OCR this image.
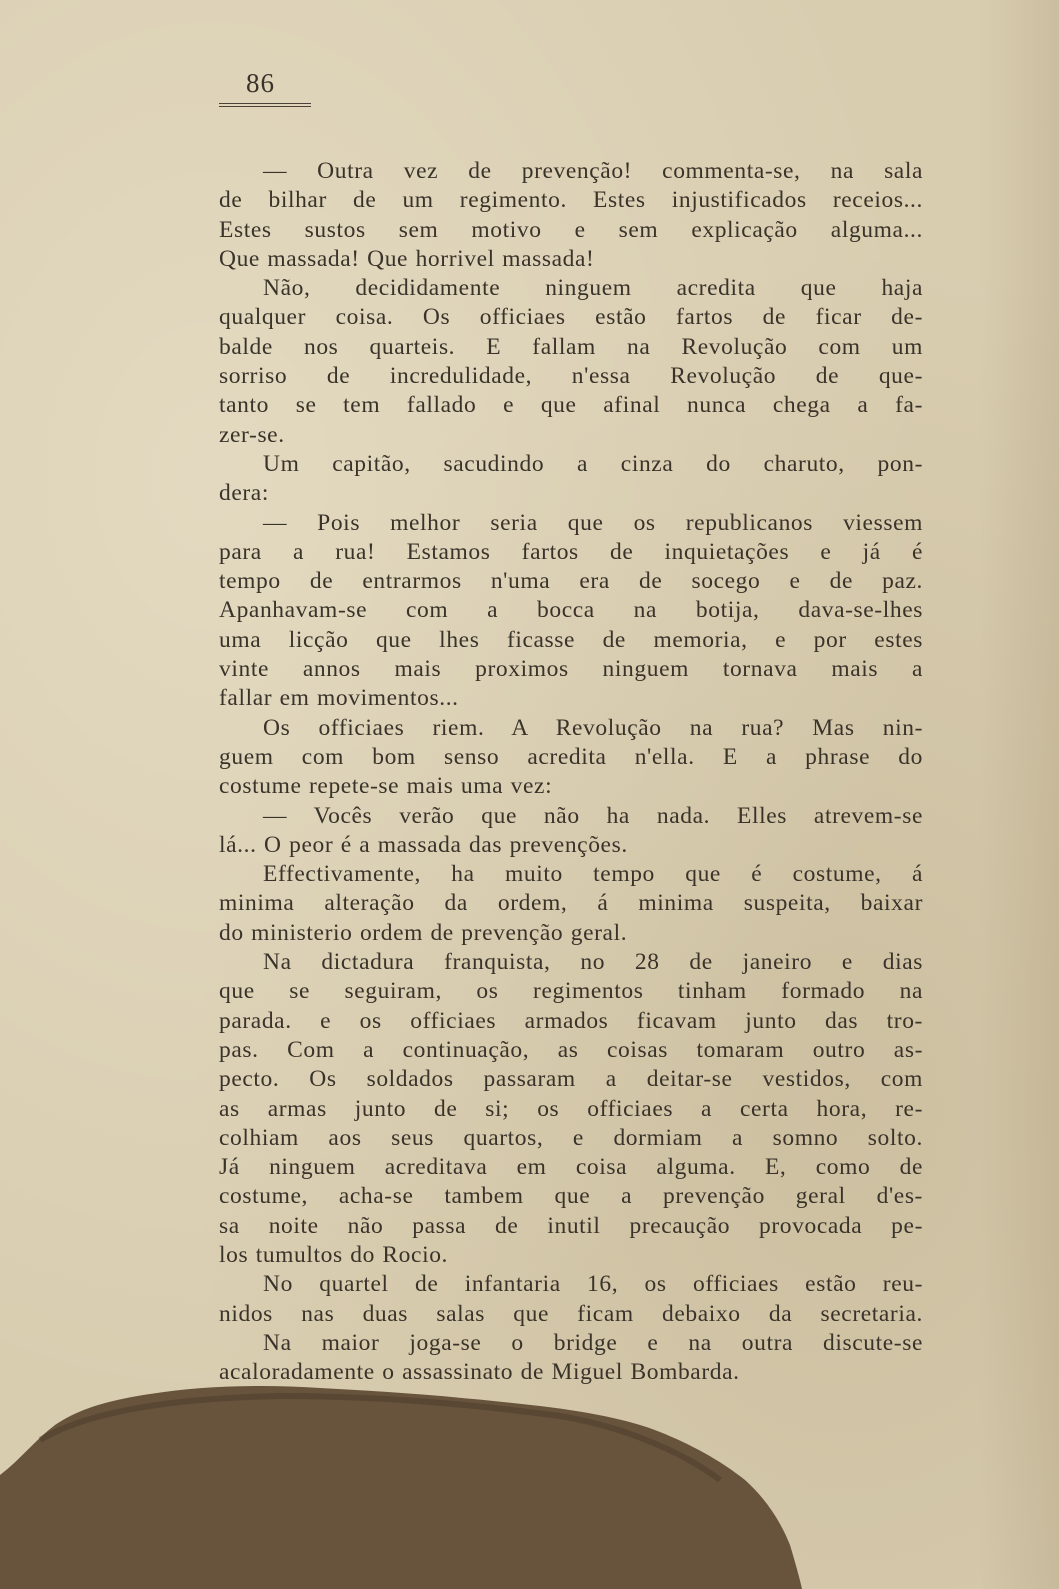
86
— Outra vez de prevenção! commenta-se, na sala
de bilhar de um regimento. Estes injustificados receios...
Estes sustos sem motivo e sem explicação alguma...
Que massada! Que horrivel massada!
Não, decididamente ninguem acredita que haja
qualquer coisa. Os officiaes estão fartos de ficar de-
balde nos quarteis. E fallam na Revolução com um
sorriso de incredulidade, n'essa Revolução de que-
tanto se tem fallado e que afinal nunca chega a fa-
zer-se.
Um capitão, sacudindo a cinza do charuto, pon-
dera:
— Pois melhor seria que os republicanos viessem
para a rua! Estamos fartos de inquietações e já é
tempo de entrarmos n'uma era de socego e de paz.
Apanhavam-se com a bocca na botija, dava-se-lhes
uma licção que lhes ficasse de memoria, e por estes
vinte annos mais proximos ninguem tornava mais a
fallar em movimentos...
Os officiaes riem. A Revolução na rua? Mas nin-
guem com bom senso acredita n'ella. E a phrase do
costume repete-se mais uma vez:
— Vocês verão que não ha nada. Elles atrevem-se
lá... O peor é a massada das prevenções.
Effectivamente, ha muito tempo que é costume, á
minima alteração da ordem, á minima suspeita, baixar
do ministerio ordem de prevenção geral.
Na dictadura franquista, no 28 de janeiro e dias
que se seguiram, os regimentos tinham formado na
parada. e os officiaes armados ficavam junto das tro-
pas. Com a continuação, as coisas tomaram outro as-
pecto. Os soldados passaram a deitar-se vestidos, com
as armas junto de si; os officiaes a certa hora, re-
colhiam aos seus quartos, e dormiam a somno solto.
Já ninguem acreditava em coisa alguma. E, como de
costume, acha-se tambem que a prevenção geral d'es-
sa noite não passa de inutil precaução provocada pe-
los tumultos do Rocio.
No quartel de infantaria 16, os officiaes estão reu-
nidos nas duas salas que ficam debaixo da secretaria.
Na maior joga-se o bridge e na outra discute-se
acaloradamente o assassinato de Miguel Bombarda.
